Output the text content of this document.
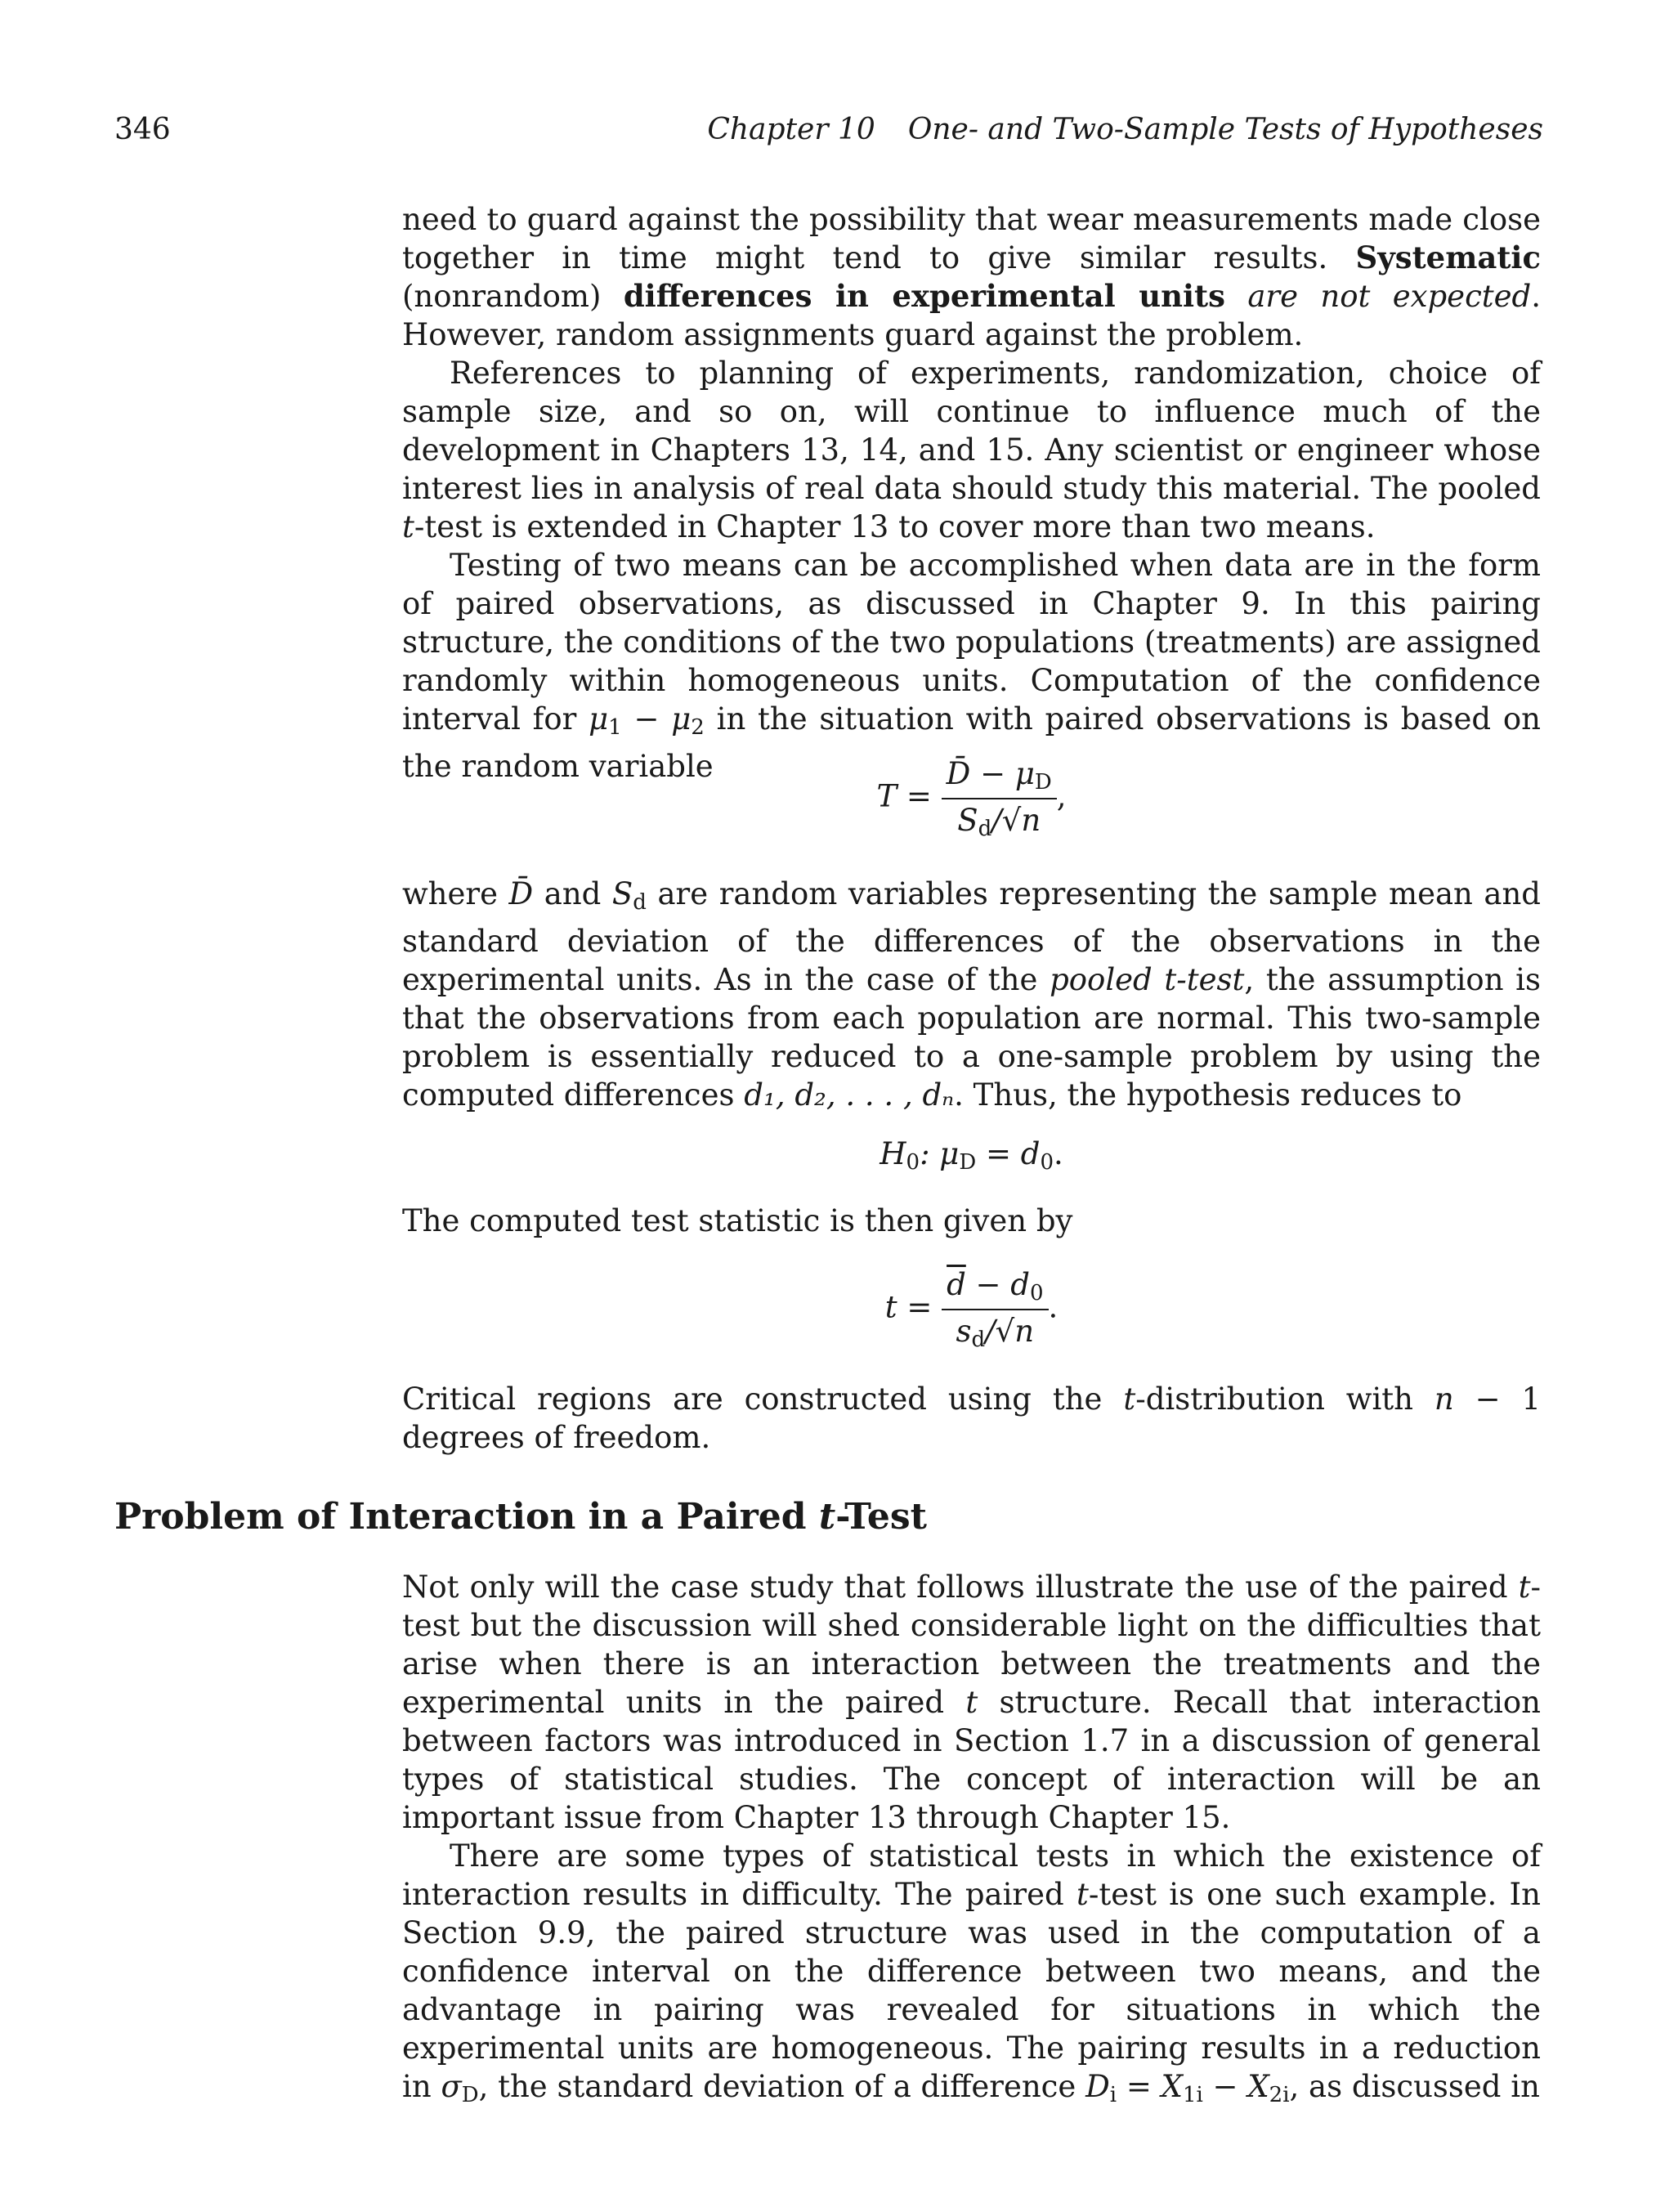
346	Chapter 10 One- and Two-Sample Tests of Hypotheses

need to guard against the possibility that wear measurements made close together in time might tend to give similar results. Systematic (nonrandom) differences in experimental units are not expected. However, random assignments guard against the problem.

References to planning of experiments, randomization, choice of sample size, and so on, will continue to influence much of the development in Chapters 13, 14, and 15. Any scientist or engineer whose interest lies in analysis of real data should study this material. The pooled t-test is extended in Chapter 13 to cover more than two means.

Testing of two means can be accomplished when data are in the form of paired observations, as discussed in Chapter 9. In this pairing structure, the conditions of the two populations (treatments) are assigned randomly within homogeneous units. Computation of the confidence interval for $\mu_1 - \mu_2$ in the situation with paired observations is based on the random variable

$T = \frac{D̄ - \mu_D}{S_d/√n}$ ,

where D̄ and $S_d$ are random variables representing the sample mean and standard deviation of the differences of the observations in the experimental units. As in the case of the pooled t-test, the assumption is that the observations from each population are normal. This two-sample problem is essentially reduced to a one-sample problem by using the computed differences d₁, d₂, . . . , dₙ. Thus, the hypothesis reduces to

$H_0$: $\mu_D = d_0$.

The computed test statistic is then given by

$t = \frac{\overline{d} - d_0}{s_d/√n}$ .

Critical regions are constructed using the t-distribution with n − 1 degrees of freedom.

Problem of Interaction in a Paired t-Test

Not only will the case study that follows illustrate the use of the paired t-test but the discussion will shed considerable light on the difficulties that arise when there is an interaction between the treatments and the experimental units in the paired t structure. Recall that interaction between factors was introduced in Section 1.7 in a discussion of general types of statistical studies. The concept of interaction will be an important issue from Chapter 13 through Chapter 15.

There are some types of statistical tests in which the existence of interaction results in difficulty. The paired t-test is one such example. In Section 9.9, the paired structure was used in the computation of a confidence interval on the difference between two means, and the advantage in pairing was revealed for situations in which the experimental units are homogeneous. The pairing results in a reduction in $\sigma_D$, the standard deviation of a difference $D_i = X_{1i} - X_{2i}$, as discussed in
